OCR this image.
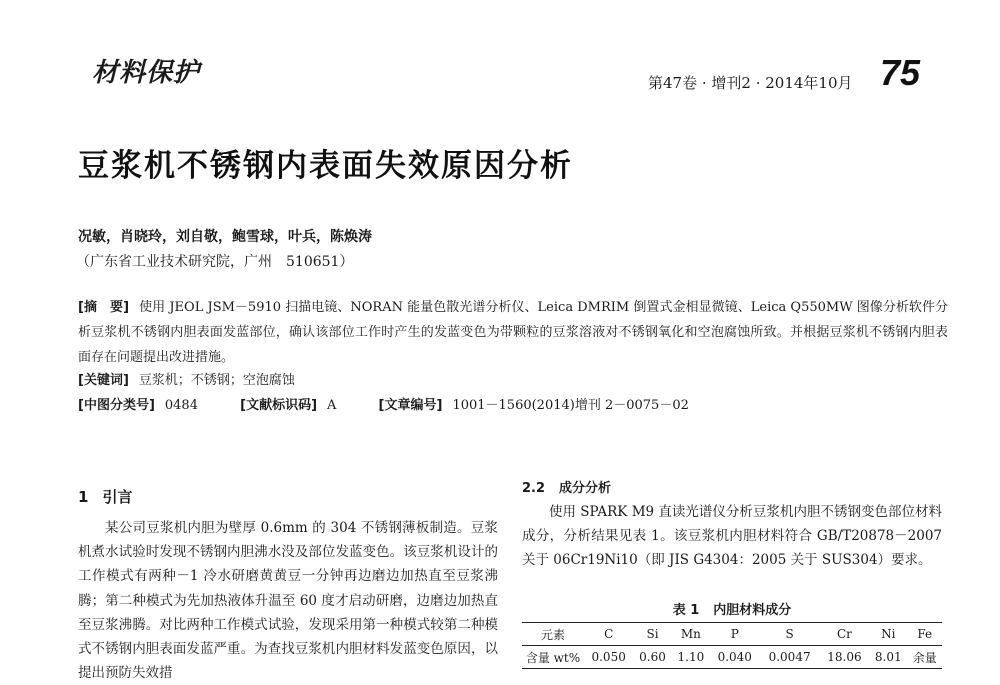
材料保护	第47卷 · 增刊2 · 2014年10月 75
豆浆机不锈钢内表面失效原因分析
况敏，肖晓玲，刘自敬，鲍雪球，叶兵，陈焕涛
（广东省工业技术研究院，广州　510651）
[摘　要] 使用 JEOL JSM－5910 扫描电镜、NORAN 能量色散光谱分析仪、Leica DMRIM 倒置式金相显微镜、Leica Q550MW 图像分析软件分析豆浆机不锈钢内胆表面发蓝部位，确认该部位工作时产生的发蓝变色为带颗粒的豆浆溶液对不锈钢氧化和空泡腐蚀所致。并根据豆浆机不锈钢内胆表面存在问题提出改进措施。
[关键词] 豆浆机；不锈钢；空泡腐蚀
[中图分类号] 0484	[文献标识码] A	[文章编号] 1001－1560(2014)增刊 2－0075－02
1 引言
某公司豆浆机内胆为壁厚 0.6mm 的 304 不锈钢薄板制造。豆浆机煮水试验时发现不锈钢内胆沸水没及部位发蓝变色。该豆浆机设计的工作模式有两种－1 冷水研磨黄黄豆一分钟再边磨边加热直至豆浆沸腾；第二种模式为先加热液体升温至 60 度才启动研磨，边磨边加热直至豆浆沸腾。对比两种工作模式试验，发现采用第一种模式较第二种模式不锈钢内胆表面发蓝严重。为查找豆浆机内胆材料发蓝变色原因，以提出预防失效措
2.2 成分分析
使用 SPARK M9 直读光谱仪分析豆浆机内胆不锈钢变色部位材料成分，分析结果见表 1。该豆浆机内胆材料符合 GB/T20878－2007 关于 06Cr19Ni10（即 JIS G4304：2005 关于 SUS304）要求。
表 1 内胆材料成分
元素	C	Si	Mn	P	S	Cr	Ni	Fe
含量 wt%	0.050	0.60	1.10	0.040	0.0047	18.06	8.01	余量
